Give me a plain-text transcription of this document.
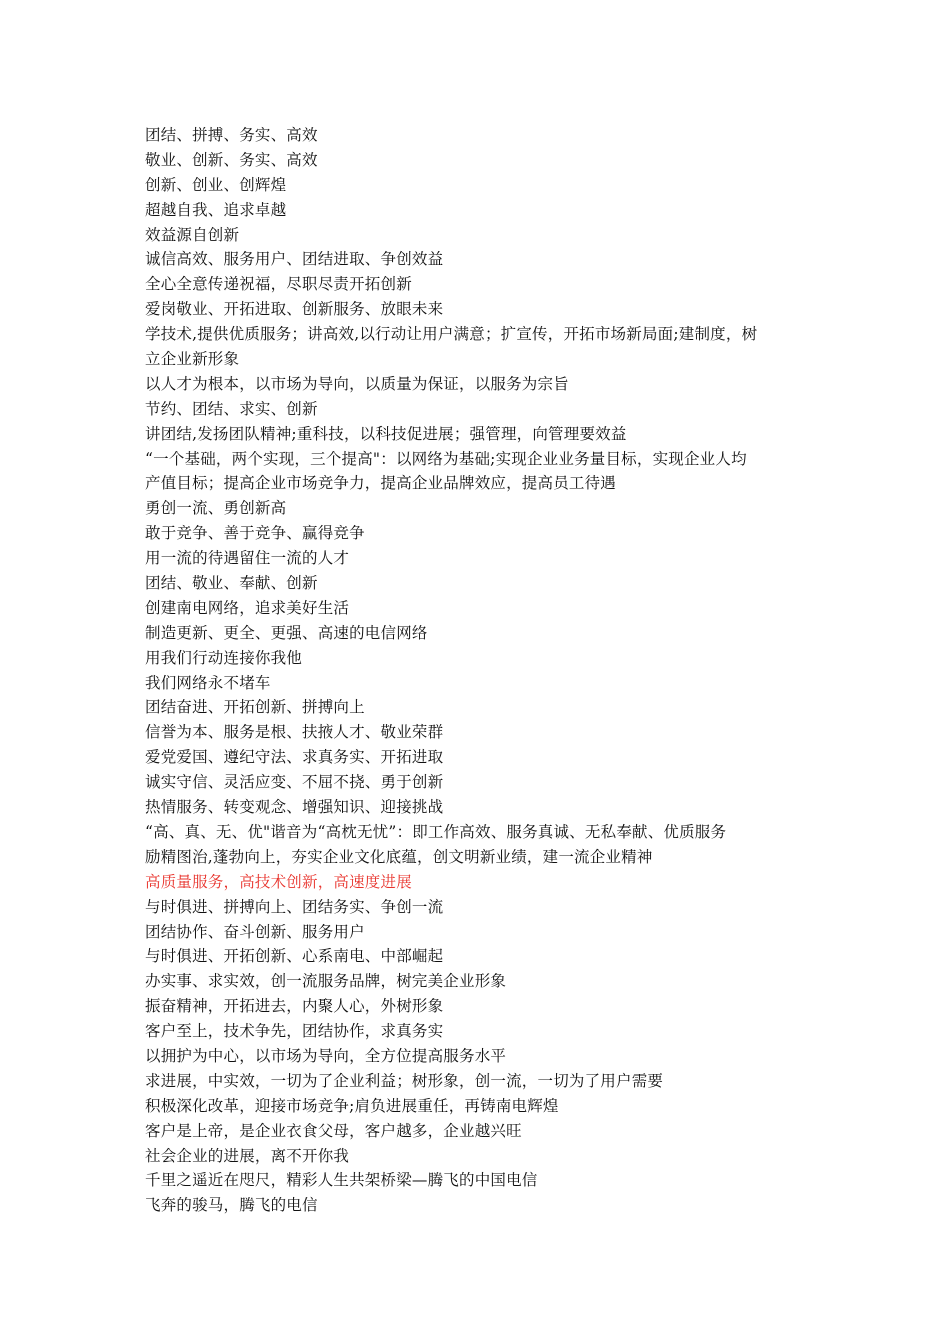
团结、拼搏、务实、高效
敬业、创新、务实、高效
创新、创业、创辉煌
超越自我、追求卓越
效益源自创新
诚信高效、服务用户、团结进取、争创效益
全心全意传递祝福，尽职尽责开拓创新
爱岗敬业、开拓进取、创新服务、放眼未来
学技术,提供优质服务；讲高效,以行动让用户满意；扩宣传，开拓市场新局面;建制度，树
立企业新形象
以人才为根本，以市场为导向，以质量为保证，以服务为宗旨
节约、团结、求实、创新
讲团结,发扬团队精神;重科技，以科技促进展；强管理，向管理要效益
“一个基础，两个实现，三个提高"：以网络为基础;实现企业业务量目标，实现企业人均
产值目标；提高企业市场竞争力，提高企业品牌效应，提高员工待遇
勇创一流、勇创新高
敢于竞争、善于竞争、赢得竞争
用一流的待遇留住一流的人才
团结、敬业、奉献、创新
创建南电网络，追求美好生活
制造更新、更全、更强、高速的电信网络
用我们行动连接你我他
我们网络永不堵车
团结奋进、开拓创新、拼搏向上
信誉为本、服务是根、扶掖人才、敬业荣群
爱党爱国、遵纪守法、求真务实、开拓进取
诚实守信、灵活应变、不屈不挠、勇于创新
热情服务、转变观念、增强知识、迎接挑战
“高、真、无、优"谐音为“高枕无忧”：即工作高效、服务真诚、无私奉献、优质服务
励精图治,蓬勃向上，夯实企业文化底蕴，创文明新业绩，建一流企业精神
高质量服务，高技术创新，高速度进展
与时俱进、拼搏向上、团结务实、争创一流
团结协作、奋斗创新、服务用户
与时俱进、开拓创新、心系南电、中部崛起
办实事、求实效，创一流服务品牌，树完美企业形象
振奋精神，开拓进去，内聚人心，外树形象
客户至上，技术争先，团结协作，求真务实
以拥护为中心，以市场为导向，全方位提高服务水平
求进展，中实效，一切为了企业利益；树形象，创一流，一切为了用户需要
积极深化改革，迎接市场竞争;肩负进展重任，再铸南电辉煌
客户是上帝，是企业衣食父母，客户越多，企业越兴旺
社会企业的进展，离不开你我
千里之遥近在咫尺，精彩人生共架桥梁—腾飞的中国电信
飞奔的骏马，腾飞的电信
